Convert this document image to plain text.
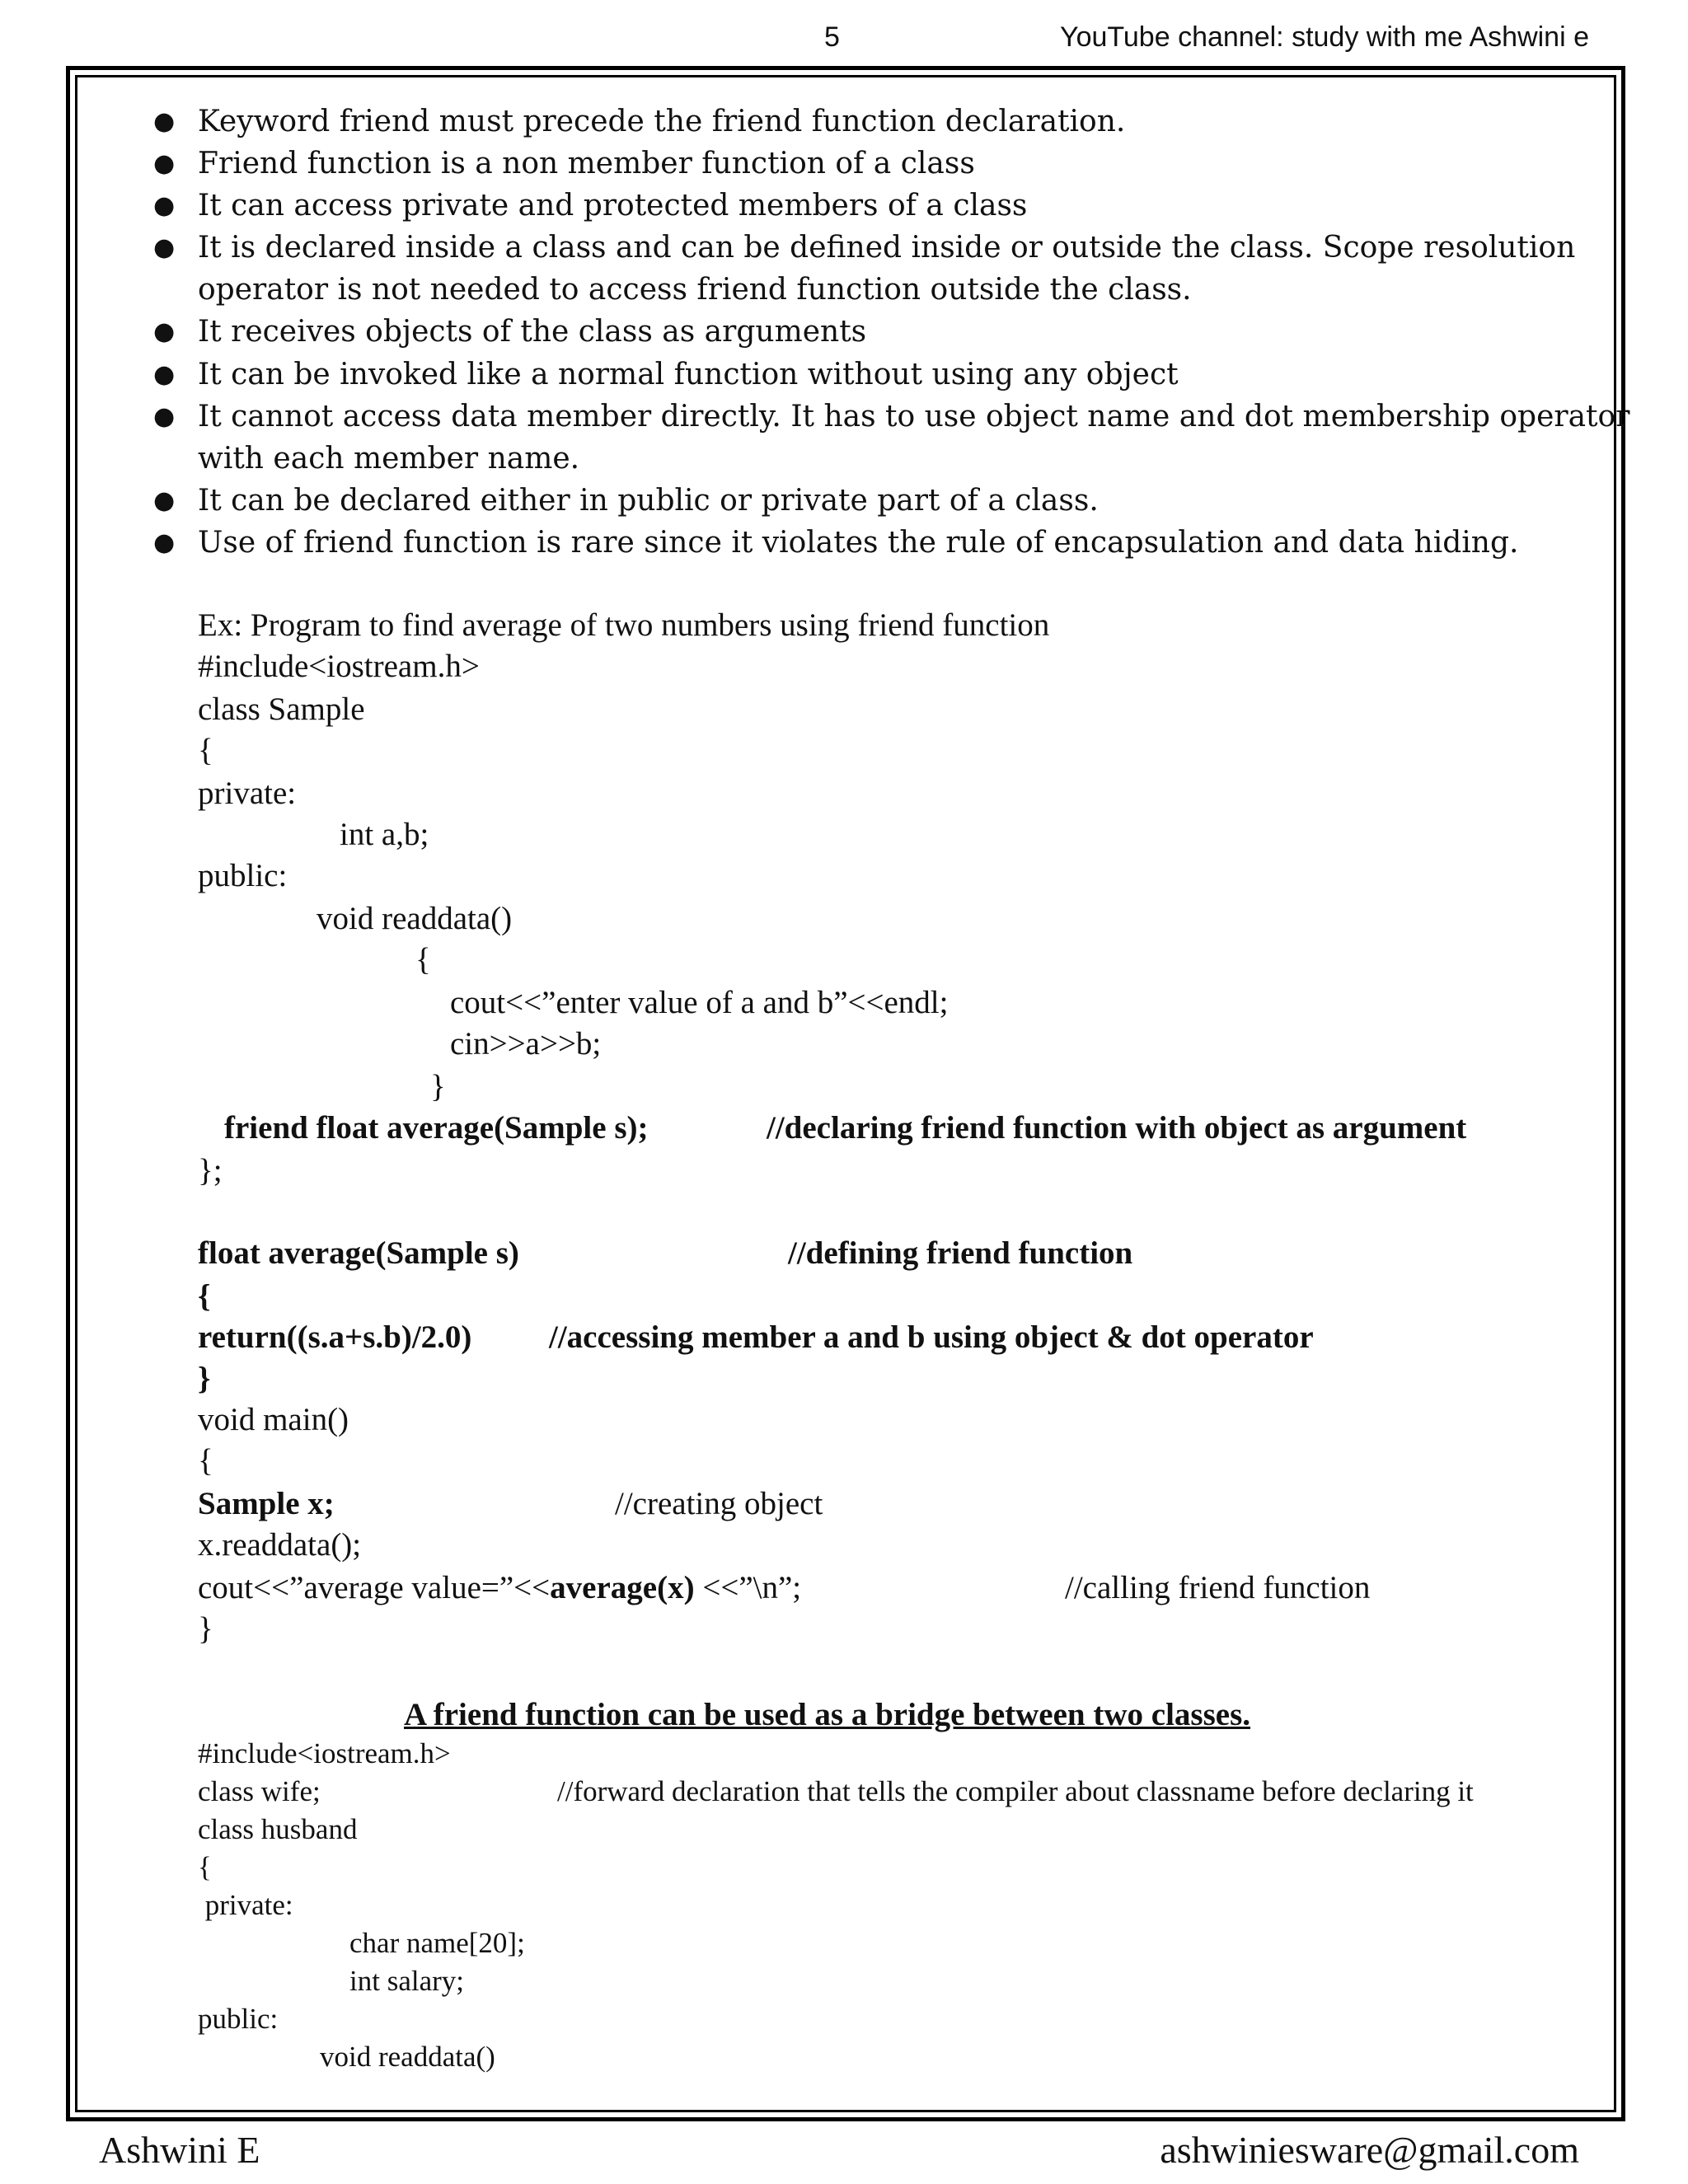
5	YouTube channel: study with me Ashwini e
● Keyword friend must precede the friend function declaration.
● Friend function is a non member function of a class
● It can access private and protected members of a class
● It is declared inside a class and can be defined inside or outside the class. Scope resolution
operator is not needed to access friend function outside the class.
● It receives objects of the class as arguments
● It can be invoked like a normal function without using any object
● It cannot access data member directly. It has to use object name and dot membership operator
with each member name.
● It can be declared either in public or private part of a class.
● Use of friend function is rare since it violates the rule of encapsulation and data hiding.
Ex: Program to find average of two numbers using friend function
#include<iostream.h>
class Sample
{
private:
int a,b;
public:
void readdata()
{
cout<<”enter value of a and b”<<endl;
cin>>a>>b;
}
friend float average(Sample s);	//declaring friend function with object as argument
};
float average(Sample s)	//defining friend function
{
return((s.a+s.b)/2.0) //accessing member a and b using object & dot operator
}
void main()
{
Sample x;	//creating object
x.readdata();
cout<<”average value=”<<average(x) <<”\n”;	//calling friend function
}
A friend function can be used as a bridge between two classes.
#include<iostream.h>
class wife;	//forward declaration that tells the compiler about classname before declaring it
class husband
{
private:
char name[20];
int salary;
public:
void readdata()
Ashwini E	ashwiniesware@gmail.com
